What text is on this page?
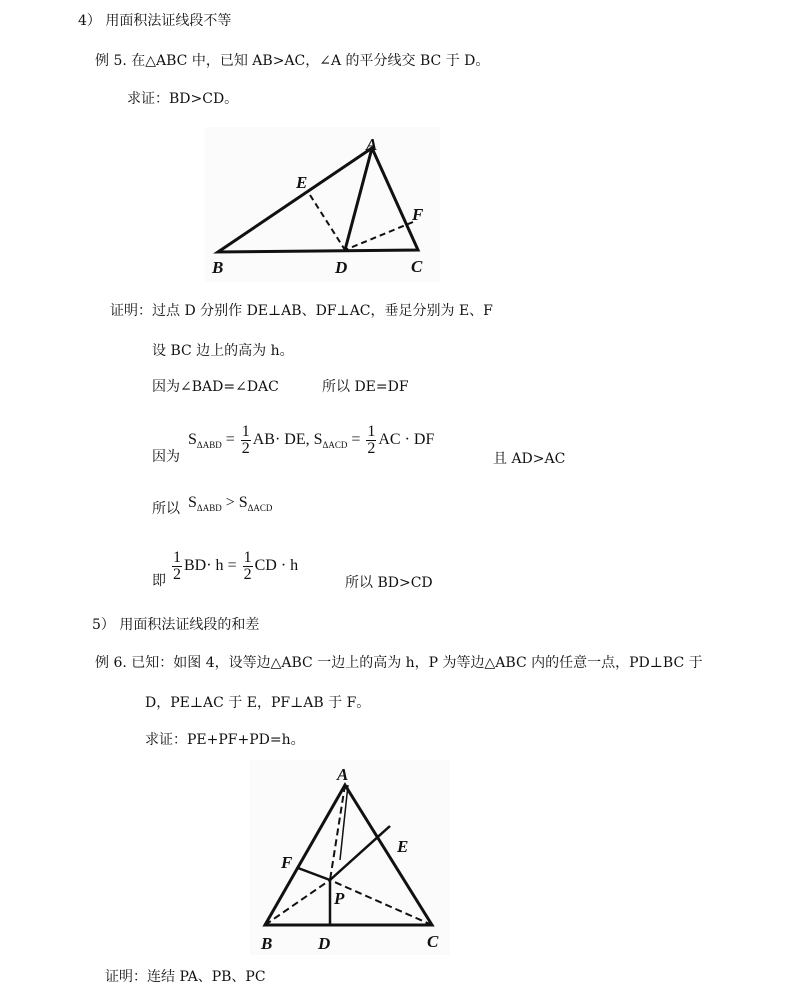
4） 用面积法证线段不等
例 5. 在△ABC 中，已知 AB>AC，∠A 的平分线交 BC 于 D。
求证：BD>CD。
A
E
F
B	D	C
A
E
F
P
B	D	C
证明：过点 D 分别作 DE⊥AB、DF⊥AC，垂足分别为 E、F
设 BC 边上的高为 h。
因为∠BAD=∠DAC	所以 DE=DF
因为
$S_{\Delta ABD} = \frac{1}{2} AB\cdot$ DE, $S_{\Delta ACD} = \frac{1}{2}$ AC · DF
且 AD>AC
所以 $S_{\Delta ABD} > S_{\Delta ACD}$
即 $\frac{1}{2} BD\cdot h = \frac{1}{2}$ CD · h
所以 BD>CD
5） 用面积法证线段的和差
例 6. 已知：如图 4，设等边△ABC 一边上的高为 h，P 为等边△ABC 内的任意一点，PD⊥BC 于
D，PE⊥AC 于 E，PF⊥AB 于 F。
求证：PE+PF+PD=h。
证明：连结 PA、PB、PC
